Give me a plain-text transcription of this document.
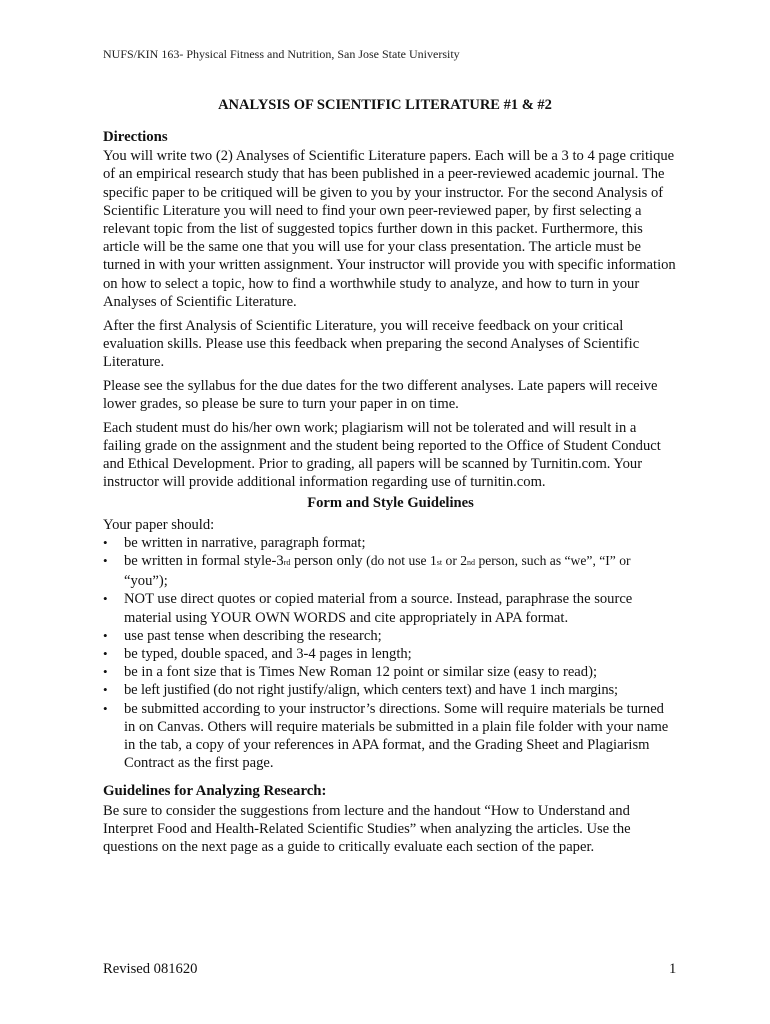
NUFS/KIN 163- Physical Fitness and Nutrition, San Jose State University
ANALYSIS OF SCIENTIFIC LITERATURE #1 & #2
Directions

You will write two (2) Analyses of Scientific Literature papers. Each will be a 3 to 4 page critique of an empirical research study that has been published in a peer-reviewed academic journal. The specific paper to be critiqued will be given to you by your instructor. For the second Analysis of Scientific Literature you will need to find your own peer-reviewed paper, by first selecting a relevant topic from the list of suggested topics further down in this packet. Furthermore, this article will be the same one that you will use for your class presentation. The article must be turned in with your written assignment. Your instructor will provide you with specific information on how to select a topic, how to find a worthwhile study to analyze, and how to turn in your Analyses of Scientific Literature.

After the first Analysis of Scientific Literature, you will receive feedback on your critical evaluation skills. Please use this feedback when preparing the second Analyses of Scientific Literature.

Please see the syllabus for the due dates for the two different analyses. Late papers will receive lower grades, so please be sure to turn your paper in on time.

Each student must do his/her own work; plagiarism will not be tolerated and will result in a failing grade on the assignment and the student being reported to the Office of Student Conduct and Ethical Development. Prior to grading, all papers will be scanned by Turnitin.com. Your instructor will provide additional information regarding use of turnitin.com.

Form and Style Guidelines
Your paper should:
•	be written in narrative, paragraph format;
•	be written in formal style-3rd person only (do not use 1st or 2nd person, such as “we”, “I” or
“you”);
•	NOT use direct quotes or copied material from a source. Instead, paraphrase the source material using YOUR OWN WORDS and cite appropriately in APA format.
•	use past tense when describing the research;
•	be typed, double spaced, and 3-4 pages in length;
•	be in a font size that is Times New Roman 12 point or similar size (easy to read);
•	be left justified (do not right justify/align, which centers text) and have 1 inch margins;
•	be submitted according to your instructor’s directions. Some will require materials be turned in on Canvas. Others will require materials be submitted in a plain file folder with your name in the tab, a copy of your references in APA format, and the Grading Sheet and Plagiarism Contract as the first page.
Guidelines for Analyzing Research:

Be sure to consider the suggestions from lecture and the handout “How to Understand and Interpret Food and Health-Related Scientific Studies” when analyzing the articles. Use the questions on the next page as a guide to critically evaluate each section of the paper.

Revised 081620	1
